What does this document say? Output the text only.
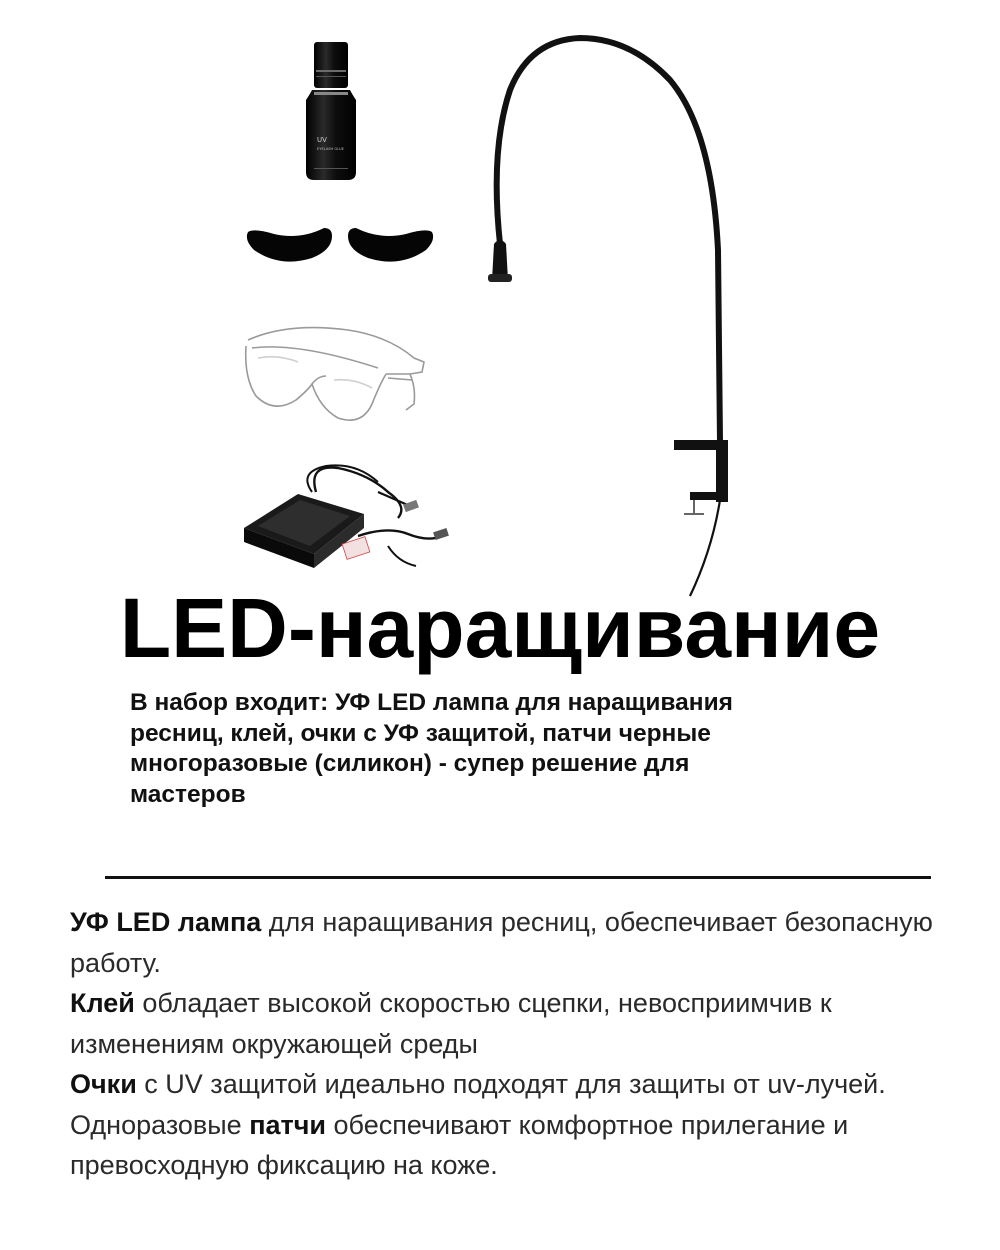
UV
EYELASH GLUE
LED-наращивание
В набор входит: УФ LED лампа для наращивания ресниц, клей, очки с УФ защитой, патчи черные многоразовые (силикон) - супер решение для мастеров

УФ LED лампа для наращивания ресниц, обеспечивает безопасную работу.

Клей обладает высокой скоростью сцепки, невосприимчив к изменениям окружающей среды

Очки с UV защитой идеально подходят для защиты от uv-лучей.

Одноразовые патчи обеспечивают комфортное прилегание и превосходную фиксацию на коже.
